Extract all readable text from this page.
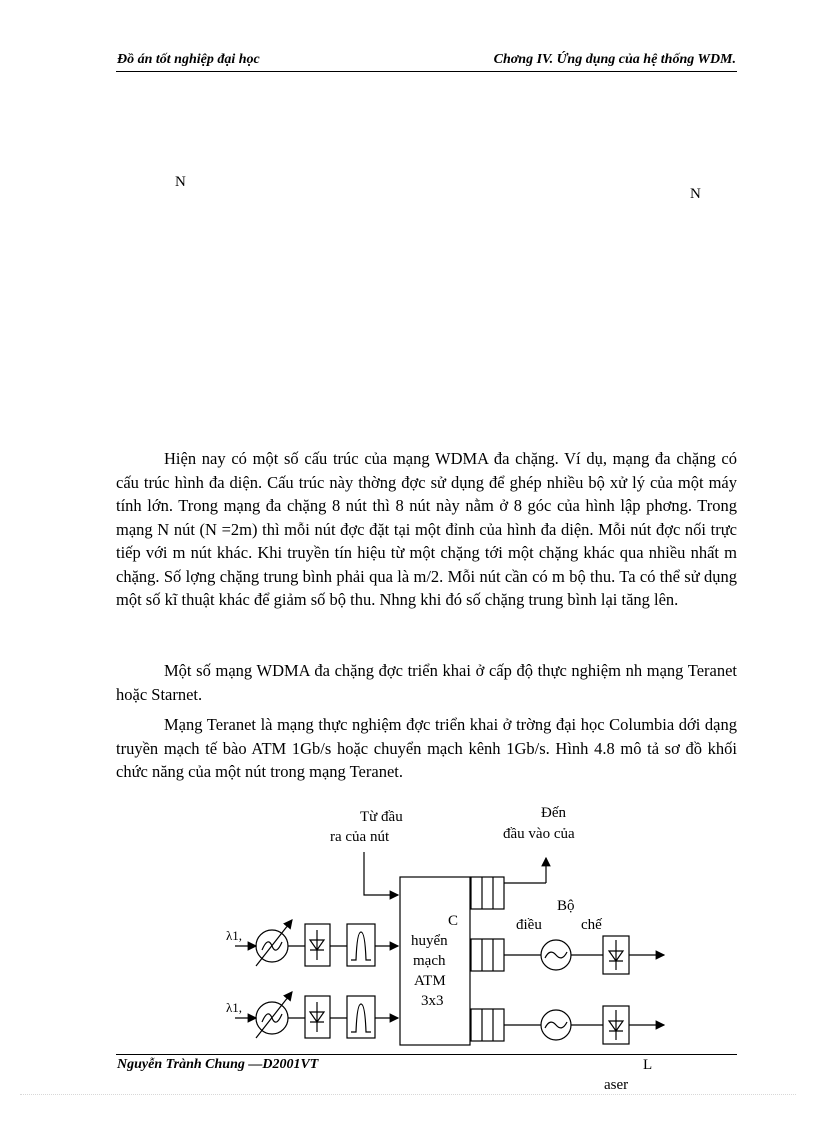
Đồ án tốt nghiệp đại học	Chơng IV. Ứng dụng của hệ thống WDM.
N
N

Hiện nay có một số cấu trúc của mạng WDMA đa chặng. Ví dụ, mạng đa chặng có cấu trúc hình đa diện. Cấu trúc này thờng đợc sử dụng để ghép nhiều bộ xử lý của một máy tính lớn. Trong mạng đa chặng 8 nút thì 8 nút này nằm ở 8 góc của hình lập phơng. Trong mạng N nút (N =2m) thì mỗi nút đợc đặt tại một đỉnh của hình đa diện. Mỗi nút đợc nối trực tiếp với m nút khác. Khi truyền tín hiệu từ một chặng tới một chặng khác qua nhiều nhất m chặng. Số lợng chặng trung bình phải qua là m/2. Mỗi nút cần có m bộ thu. Ta có thể sử dụng một số kĩ thuật khác để giảm số bộ thu. Nhng khi đó số chặng trung bình lại tăng lên.

Một số mạng WDMA đa chặng đợc triển khai ở cấp độ thực nghiệm nh mạng Teranet hoặc Starnet.

Mạng Teranet là mạng thực nghiệm đợc triển khai ở trờng đại học Columbia dới dạng truyền mạch tế bào ATM 1Gb/s hoặc chuyển mạch kênh 1Gb/s. Hình 4.8 mô tả sơ đồ khối chức năng của một nút trong mạng Teranet.

Từ đầu
ra của nút
Đến
đầu vào của
C
huyển
mạch
ATM
3x3
Bộ
điều	chế
λ1,
λ1,
Nguyễn Trành Chung —D2001VT	L
aser
